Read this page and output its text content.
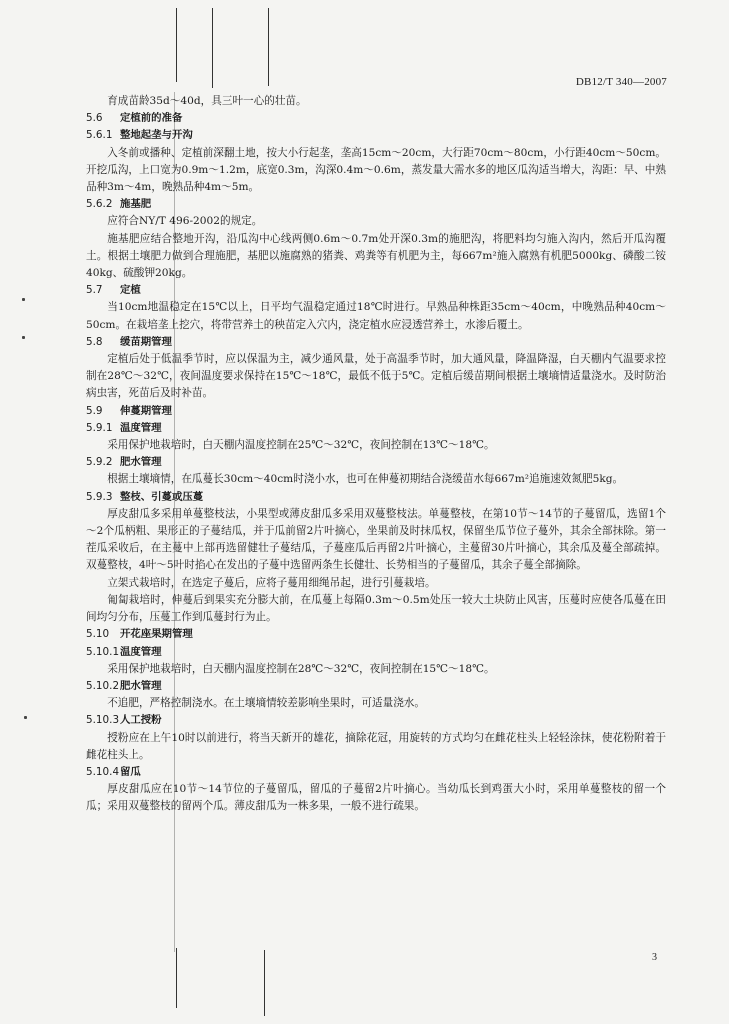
DB12/T 340—2007

育成苗龄35d～40d，具三叶一心的壮苗。

5.6 定植前的准备

5.6.1 整地起垄与开沟

入冬前或播种、定植前深翻土地，按大小行起垄，垄高15cm～20cm，大行距70cm～80cm，小行距40cm～50cm。开挖瓜沟，上口宽为0.9m～1.2m，底宽0.3m，沟深0.4m～0.6m，蒸发量大需水多的地区瓜沟适当增大，沟距：早、中熟品种3m～4m，晚熟品种4m～5m。

5.6.2 施基肥

应符合NY/T 496-2002的规定。

施基肥应结合整地开沟，沿瓜沟中心线两侧0.6m～0.7m处开深0.3m的施肥沟，将肥料均匀施入沟内，然后开瓜沟覆土。根据土壤肥力做到合理施肥，基肥以施腐熟的猪粪、鸡粪等有机肥为主，每667m²施入腐熟有机肥5000kg、磷酸二铵40kg、硫酸钾20kg。

5.7 定植

当10cm地温稳定在15℃以上，日平均气温稳定通过18℃时进行。早熟品种株距35cm～40cm，中晚熟品种40cm～50cm。在栽培垄上挖穴，将带营养土的秧苗定入穴内，浇定植水应浸透营养土，水渗后覆土。

5.8 缓苗期管理

定植后处于低温季节时，应以保温为主，减少通风量，处于高温季节时，加大通风量，降温降湿，白天棚内气温要求控制在28℃～32℃，夜间温度要求保持在15℃～18℃，最低不低于5℃。定植后缓苗期间根据土壤墒情适量浇水。及时防治病虫害，死苗后及时补苗。

5.9 伸蔓期管理

5.9.1 温度管理

采用保护地栽培时，白天棚内温度控制在25℃～32℃，夜间控制在13℃～18℃。

5.9.2 肥水管理

根据土壤墒情，在瓜蔓长30cm～40cm时浇小水，也可在伸蔓初期结合浇缓苗水每667m²追施速效氮肥5kg。

5.9.3 整枝、引蔓或压蔓

厚皮甜瓜多采用单蔓整枝法，小果型或薄皮甜瓜多采用双蔓整枝法。单蔓整枝，在第10节～14节的子蔓留瓜，选留1个～2个瓜柄粗、果形正的子蔓结瓜，并于瓜前留2片叶摘心，坐果前及时抹瓜权，保留坐瓜节位子蔓外，其余全部抹除。第一茬瓜采收后，在主蔓中上部再选留健壮子蔓结瓜，子蔓座瓜后再留2片叶摘心，主蔓留30片叶摘心，其余瓜及蔓全部疏掉。双蔓整枝，4叶～5叶时掐心在发出的子蔓中选留两条生长健壮、长势相当的子蔓留瓜，其余子蔓全部摘除。

立架式栽培时，在选定子蔓后，应将子蔓用细绳吊起，进行引蔓栽培。

匍匐栽培时，伸蔓后到果实充分膨大前，在瓜蔓上每隔0.3m～0.5m处压一较大土块防止风害，压蔓时应使各瓜蔓在田间均匀分布，压蔓工作到瓜蔓封行为止。

5.10 开花座果期管理

5.10.1温度管理

采用保护地栽培时，白天棚内温度控制在28℃～32℃，夜间控制在15℃～18℃。

5.10.2肥水管理

不追肥，严格控制浇水。在土壤墒情较差影响坐果时，可适量浇水。

5.10.3人工授粉

授粉应在上午10时以前进行，将当天新开的雄花，摘除花冠，用旋转的方式均匀在雌花柱头上轻轻涂抹，使花粉附着于雌花柱头上。

5.10.4留瓜

厚皮甜瓜应在10节～14节位的子蔓留瓜，留瓜的子蔓留2片叶摘心。当幼瓜长到鸡蛋大小时，采用单蔓整枝的留一个瓜；采用双蔓整枝的留两个瓜。薄皮甜瓜为一株多果，一般不进行疏果。

3
